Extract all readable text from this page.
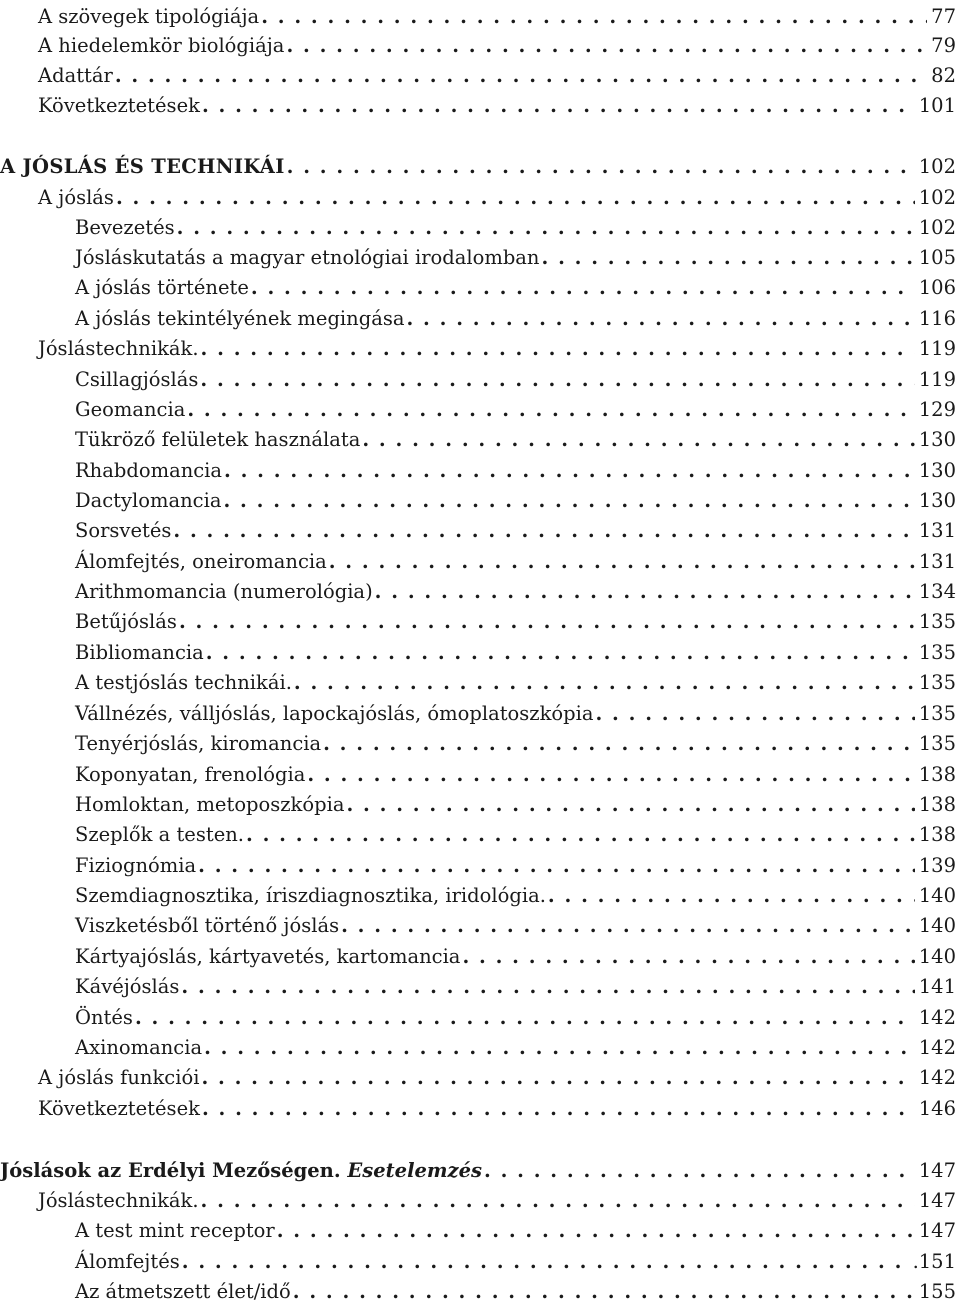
A szövegek tipológiája . . .	77
A hiedelemkör biológiája . . .	79
Adattár . . .	82
Következtetések . . .	101
A JÓSLÁS ÉS TECHNIKÁI . . .	102
A jóslás . . .	102
Bevezetés . . .	102
Jósláskutatás a magyar etnológiai irodalomban . . .	105
A jóslás története . . .	106
A jóslás tekintélyének megingása . . .	116
Jóslástechnikák. . . .	119
Csillagjóslás . . .	119
Geomancia . . .	129
Tükröző felületek használata . . .	130
Rhabdomancia . . .	130
Dactylomancia . . .	130
Sorsvetés . . .	131
Álomfejtés, oneiromancia . . .	131
Arithmomancia (numerológia) . . .	134
Betűjóslás . . .	135
Bibliomancia . . .	135
A testjóslás technikái. . . .	135
Vállnézés, vállјóslás, lapockajóslás, ómoplatoszkópia . . .	135
Tenyérjóslás, kiromancia . . .	135
Koponyatan, frenológia . . .	138
Homloktan, metoposzkópia . . .	138
Szeplők a testen. . . .	138
Fiziognómia . . .	139
Szemdiagnosztika, íriszdiagnosztika, iridológia. . . .	140
Viszketésből történő jóslás . . .	140
Kártyajóslás, kártyavetés, kartomancia . . .	140
Kávéjóslás . . .	141
Öntés . . .	142
Axinomancia . . .	142
A jóslás funkciói . . .	142
Következtetések . . .	146
Jóslások az Erdélyi Mezőségen. Esetelemzés . . .	147
Jóslástechnikák. . . .	147
A test mint receptor . . .	147
Álomfejtés . . .	.151
Az átmetszett élet/idő . . .	155
